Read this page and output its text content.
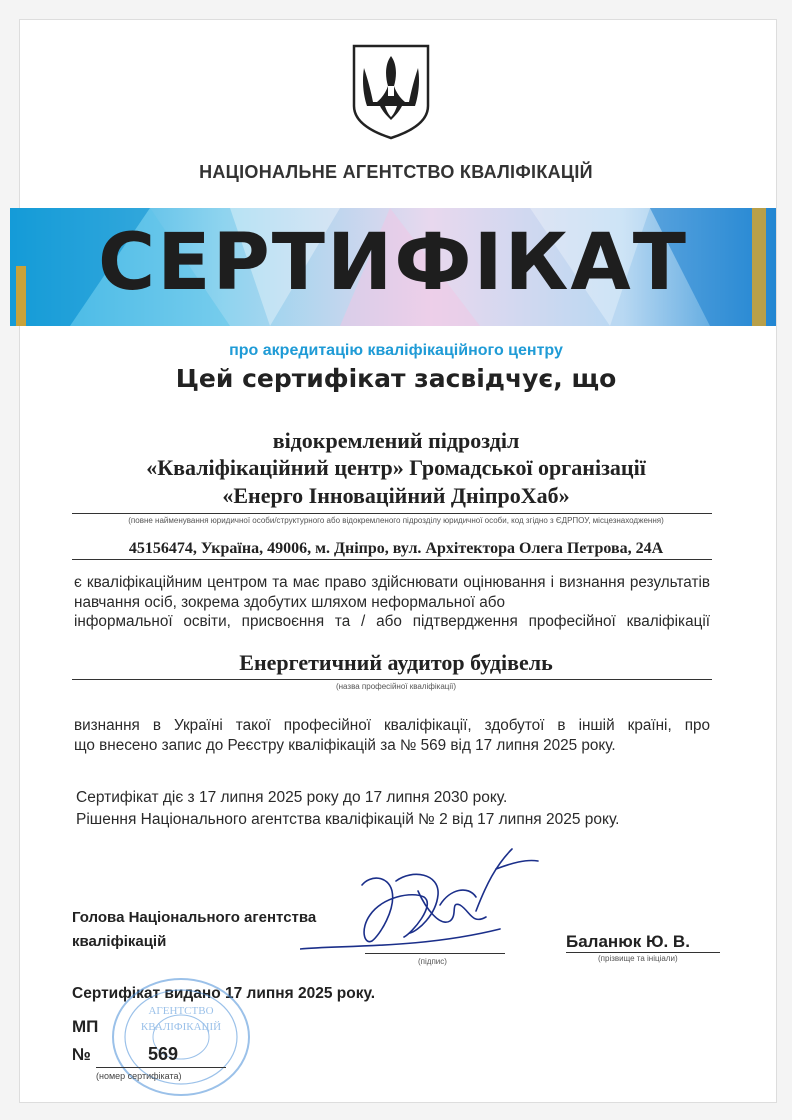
НАЦІОНАЛЬНЕ АГЕНТСТВО КВАЛІФІКАЦІЙ
СЕРТИФІКАТ
про акредитацію кваліфікаційного центру
Цей сертифікат засвідчує, що
відокремлений підрозділ
«Кваліфікаційний центр» Громадської організації
«Енерго Інноваційний ДніпроХаб»
(повне найменування юридичної особи/структурного або відокремленого підрозділу юридичної особи, код згідно з ЄДРПОУ, місцезнаходження)
45156474, Україна, 49006, м. Дніпро, вул. Архітектора Олега Петрова, 24А
є кваліфікаційним центром та має право здійснювати оцінювання і визнання результатів навчання осіб, зокрема здобутих шляхом неформальної або
інформальної освіти, присвоєння та / або підтвердження професійної кваліфікації
Енергетичний аудитор будівель
(назва професійної кваліфікації)
визнання в Україні такої професійної кваліфікації, здобутої в іншій країні, про
що внесено запис до Реєстру кваліфікацій за № 569 від 17 липня 2025 року.
Сертифікат діє з 17 липня 2025 року до 17 липня 2030 року.
Рішення Національного агентства кваліфікацій № 2 від 17 липня 2025 року.
Голова Національного агентства
кваліфікацій
(підпис)
Баланюк Ю. В.
(прізвище та ініціали)
Сертифікат видано 17 липня 2025 року.
АГЕНТСТВО
КВАЛІФІКАЦІЙ
МП
№	569
(номер сертифіката)
